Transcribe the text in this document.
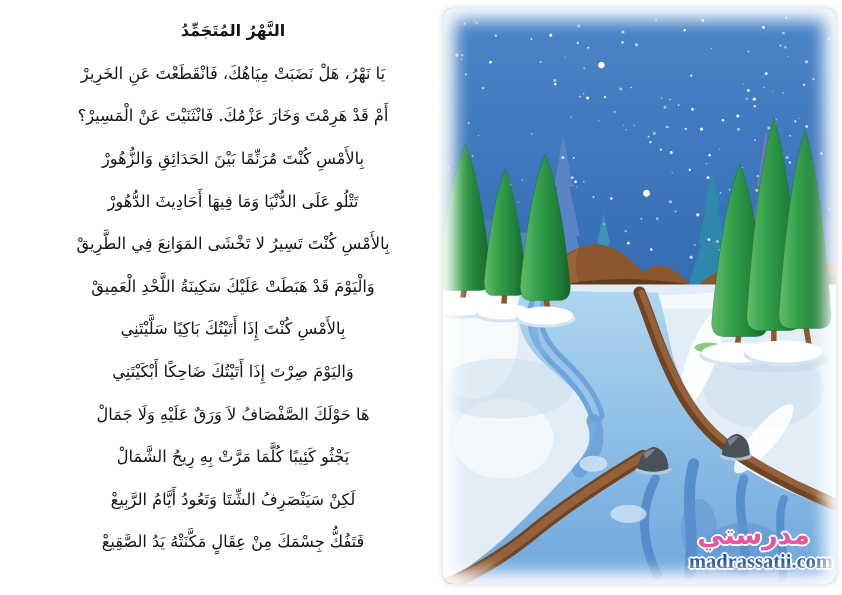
النَّهْرُ المُتَجَمِّدُ
يَا نَهْرُ، هَلْ نَضَبَتْ مِيَاهُكَ، فَانْقَطَعْتَ عَنِ الخَرِيرْ
أَمْ قَدْ هَرِمْتَ وَخَارَ عَزْمُكَ. فَانْثَنَيْتَ عَنْ الْمَسِيرْ؟
بِالأَمْسِ كُنْتَ مُرَنِّمًا بَيْنَ الحَدَائِقِ وَالزُّهُورْ
تَتْلُو عَلَى الدُّنْيَا وَمَا فِيهَا أَحَادِيثَ الدُّهُورْ
بِالأَمْسِ كُنْتَ تَسِيرُ لا تَخْشَى المَوَانِعَ فِي الطَّرِيقْ
وَالْيَوْمَ قَدْ هَبَطَتْ عَلَيْكَ سَكِينَةُ اللَّحْدِ الْعَمِيقْ
بِالأَمْسِ كُنْتَ إِذَا أَتَيْتُكَ بَاكِيًا سَلَّيْتَنِي
وَاليَوْمَ صِرْتَ إِذَا أَتَيْتُكَ ضَاحِكًا أَبْكَيْتَنِي
هَا حَوْلَكَ الصَّفْصَافُ لاَ وَرَقٌ عَلَيْهِ وَلَا جَمَالْ
يَجْثُو كَئِيبًا كُلَّمَا مَرَّتْ بِهِ رِيحُ الشَّمَالْ
لَكِنْ سَيَنْصَرِفُ الشِّتَا وَتَعُودُ أَيَّامُ الرَّبِيعْ
فَتَفُكُّ جِسْمَكَ مِنْ عِقَالٍ مَكَّنَتْهُ يَدُ الصَّقِيعْ	مدرستي
madrassatii.com
